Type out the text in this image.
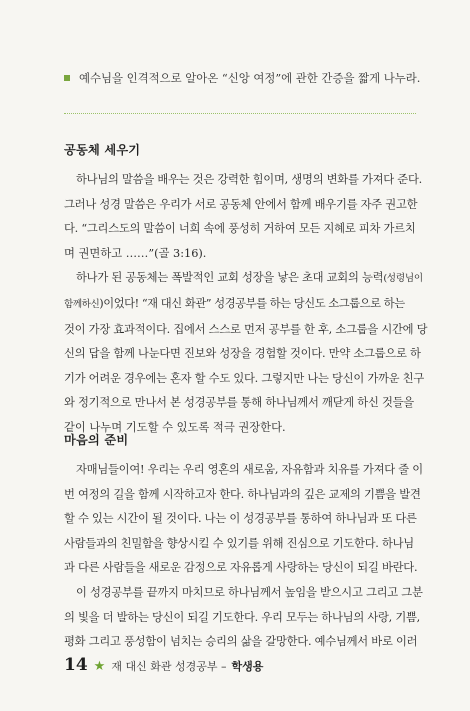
예수님을 인격적으로 알아온 “신앙 여정”에 관한 간증을 짧게 나누라.
공동체 세우기

하나님의 말씀을 배우는 것은 강력한 힘이며, 생명의 변화를 가져다 준다.
그러나 성경 말씀은 우리가 서로 공동체 안에서 함께 배우기를 자주 권고한
다. “그리스도의 말씀이 너희 속에 풍성히 거하여 모든 지혜로 피차 가르치
며 권면하고 ……”(골 3:16).

하나가 된 공동체는 폭발적인 교회 성장을 낳은 초대 교회의 능력(성령님이
함께하신)이었다! “재 대신 화관” 성경공부를 하는 당신도 소그룹으로 하는
것이 가장 효과적이다. 집에서 스스로 먼저 공부를 한 후, 소그룹을 시간에 당
신의 답을 함께 나눈다면 진보와 성장을 경험할 것이다. 만약 소그룹으로 하
기가 어려운 경우에는 혼자 할 수도 있다. 그렇지만 나는 당신이 가까운 친구
와 정기적으로 만나서 본 성경공부를 통해 하나님께서 깨닫게 하신 것들을
같이 나누며 기도할 수 있도록 적극 권장한다.

마음의 준비

자매님들이여! 우리는 우리 영혼의 새로움, 자유함과 치유를 가져다 줄 이
번 여정의 길을 함께 시작하고자 한다. 하나님과의 깊은 교제의 기쁨을 발견
할 수 있는 시간이 될 것이다. 나는 이 성경공부를 통하여 하나님과 또 다른
사람들과의 친밀함을 향상시킬 수 있기를 위해 진심으로 기도한다. 하나님
과 다른 사람들을 새로운 감정으로 자유롭게 사랑하는 당신이 되길 바란다.

이 성경공부를 끝까지 마치므로 하나님께서 높임을 받으시고 그리고 그분
의 빛을 더 발하는 당신이 되길 기도한다. 우리 모두는 하나님의 사랑, 기쁨,
평화 그리고 풍성함이 넘치는 승리의 삶을 갈망한다. 예수님께서 바로 이러

14 ★ 재 대신 화관 성경공부 – 학생용
